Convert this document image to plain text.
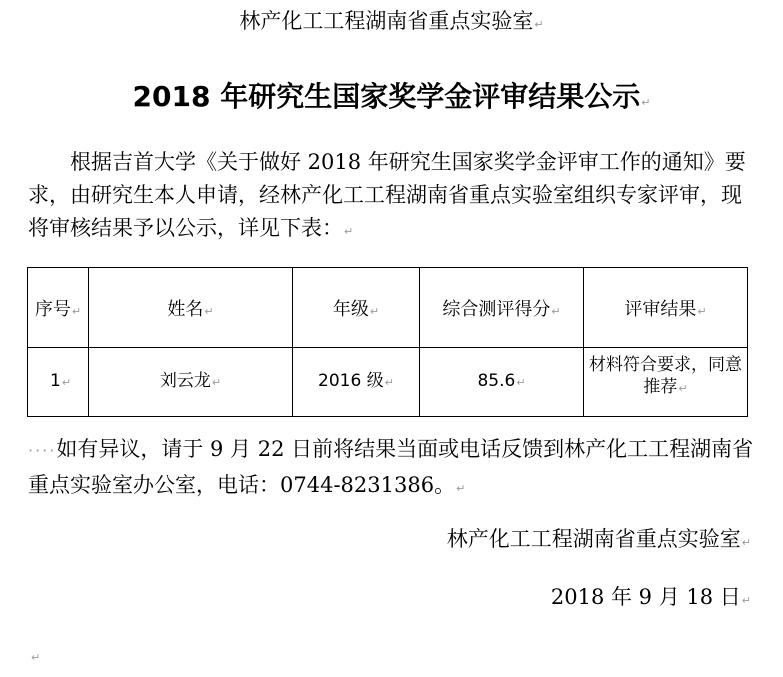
林产化工工程湖南省重点实验室↵
2018 年研究生国家奖学金评审结果公示↵

根据吉首大学《关于做好 2018 年研究生国家奖学金评审工作的通知》要求，由研究生本人申请，经林产化工工程湖南省重点实验室组织专家评审，现将审核结果予以公示，详见下表：↵

序号↵	姓名↵	年级↵	综合测评得分↵	评审结果↵
1↵	刘云龙↵	2016 级↵	85.6↵	材料符合要求，同意推荐↵

····如有异议，请于 9 月 22 日前将结果当面或电话反馈到林产化工工程湖南省重点实验室办公室，电话：0744-8231386。↵

林产化工工程湖南省重点实验室↵
2018 年 9 月 18 日↵
↵
